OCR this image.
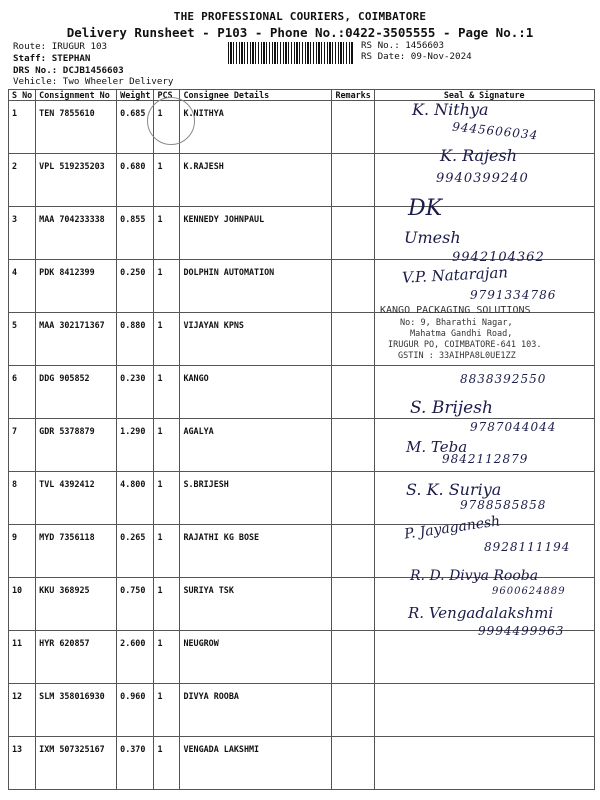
THE PROFESSIONAL COURIERS, COIMBATORE
Delivery Runsheet - P103 - Phone No.:0422-3505555 - Page No.:1
Route: IRUGUR 103
Staff: STEPHAN
DRS No.: DCJB1456603
Vehicle: Two Wheeler Delivery
RS No.: 1456603
RS Date: 09-Nov-2024
S No	Consignment No	Weight	PCS	Consignee Details	Remarks	Seal & Signature
1	TEN 7855610	0.685	1	K.NITHYA		
2	VPL 519235203	0.680	1	K.RAJESH		
3	MAA 704233338	0.855	1	KENNEDY JOHNPAUL		
4	PDK 8412399	0.250	1	DOLPHIN AUTOMATION		
5	MAA 302171367	0.880	1	VIJAYAN KPNS		
6	DDG 905852	0.230	1	KANGO		
7	GDR 5378879	1.290	1	AGALYA		
8	TVL 4392412	4.800	1	S.BRIJESH		
9	MYD 7356118	0.265	1	RAJATHI KG BOSE		
10	KKU 368925	0.750	1	SURIYA TSK		
11	HYR 620857	2.600	1	NEUGROW		
12	SLM 358016930	0.960	1	DIVYA ROOBA		
13	IXM 507325167	0.370	1	VENGADA LAKSHMI		
K. Nithya
9445606034
K. Rajesh
9940399240
DK
Umesh
9942104362
V.P. Natarajan
9791334786
KANGO PACKAGING SOLUTIONS
No: 9, Bharathi Nagar,
Mahatma Gandhi Road,
IRUGUR PO, COIMBATORE-641 103.
GSTIN : 33AIHPA8L0UE1ZZ
8838392550
S. Brijesh
9787044044
M. Teba
9842112879
S. K. Suriya
9788585858
P. Jayaganesh
8928111194
R. D. Divya Rooba
9600624889
R. Vengadalakshmi
9994499963
